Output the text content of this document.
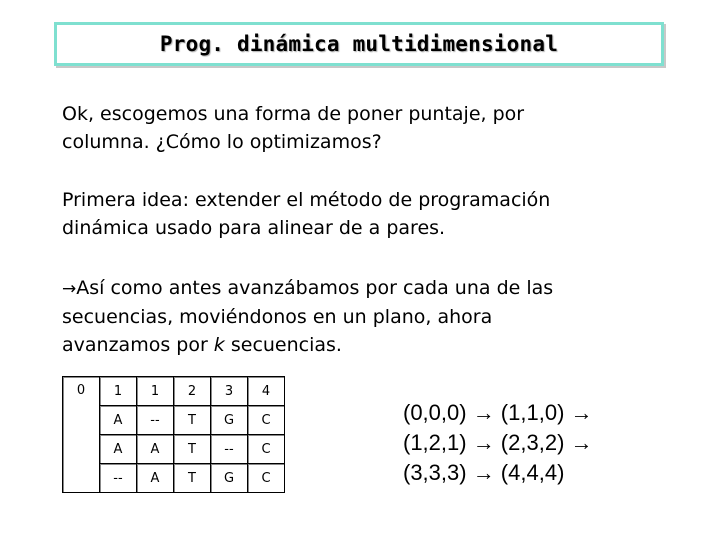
Prog. dinámica multidimensional
Ok, escogemos una forma de poner puntaje, por
columna. ¿Cómo lo optimizamos?
Primera idea: extender el método de programación
dinámica usado para alinear de a pares.
→Así como antes avanzábamos por cada una de las
secuencias, moviéndonos en un plano, ahora
avanzamos por k secuencias.
0	1	1	2	3	4
	A	--	T	G	C
	A	A	T	--	C
	--	A	T	G	C
(0,0,0) → (1,1,0) →
(1,2,1) → (2,3,2) →
(3,3,3) → (4,4,4)
